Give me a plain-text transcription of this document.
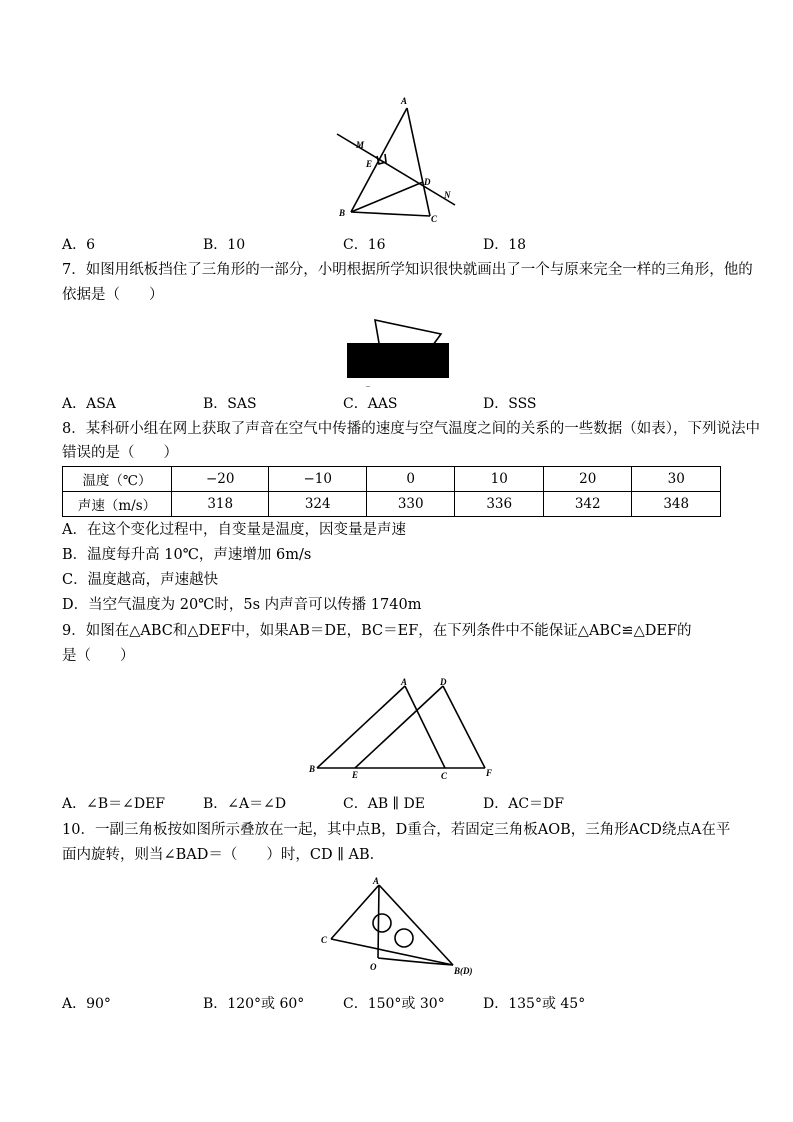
A
M
E
D
N
B
C
A．6	B．10	C．16	D．18
7．如图用纸板挡住了三角形的一部分，小明根据所学知识很快就画出了一个与原来完全一样的三角形，他的
依据是（　　）
..
A．ASA	B．SAS	C．AAS	D．SSS
8．某科研小组在网上获取了声音在空气中传播的速度与空气温度之间的关系的一些数据（如表），下列说法中
错误的是（　　）
温度（℃）	−20	−10	0	10	20	30
声速（m/s）	318	324	330	336	342	348
A．在这个变化过程中，自变量是温度，因变量是声速
B．温度每升高 10℃，声速增加 6m/s
C．温度越高，声速越快
D．当空气温度为 20℃时，5s 内声音可以传播 1740m
9．如图在△ABC和△DEF中，如果AB＝DE，BC＝EF，在下列条件中不能保证△ABC≌△DEF的
是（　　）
A	D
B
E	C	F
A．∠B＝∠DEF	B．∠A＝∠D	C．AB ∥ DE	D．AC＝DF
10．一副三角板按如图所示叠放在一起，其中点B，D重合，若固定三角板AOB，三角形ACD绕点A在平
面内旋转，则当∠BAD＝（　　）时，CD ∥ AB．
A
C
O	B(D)
A．90°	B．120°或 60°	C．150°或 30°	D．135°或 45°
